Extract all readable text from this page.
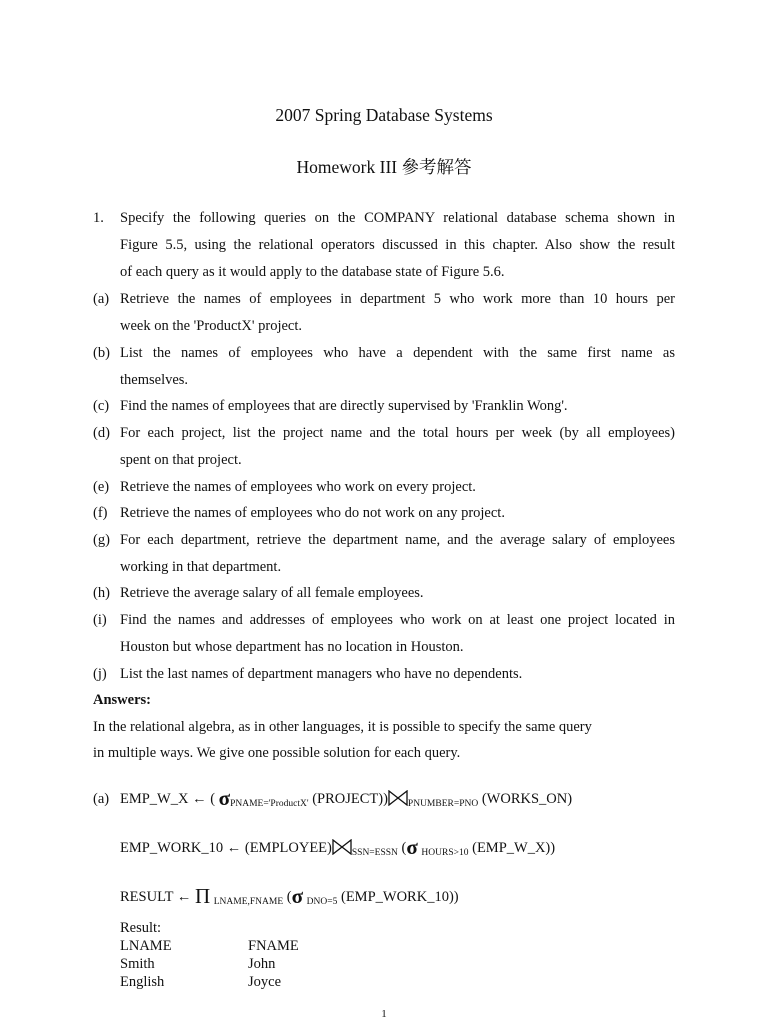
2007 Spring Database Systems
Homework III 參考解答
1. Specify the following queries on the COMPANY relational database schema shown in
Figure 5.5, using the relational operators discussed in this chapter. Also show the result
of each query as it would apply to the database state of Figure 5.6.
(a) Retrieve the names of employees in department 5 who work more than 10 hours per
week on the 'ProductX' project.
(b) List the names of employees who have a dependent with the same first name as
themselves.
(c) Find the names of employees that are directly supervised by 'Franklin Wong'.
(d) For each project, list the project name and the total hours per week (by all employees)
spent on that project.
(e) Retrieve the names of employees who work on every project.
(f) Retrieve the names of employees who do not work on any project.
(g) For each department, retrieve the department name, and the average salary of employees
working in that department.
(h) Retrieve the average salary of all female employees.
(i) Find the names and addresses of employees who work on at least one project located in
Houston but whose department has no location in Houston.
(j) List the last names of department managers who have no dependents.
Answers:
In the relational algebra, as in other languages, it is possible to specify the same query
in multiple ways. We give one possible solution for each query.
(a) EMP_W_X ← ( $\sigma_{PNAME='ProductX'}$ (PROJECT)) $_{PNUMBER=PNO}$ (WORKS_ON)
EMP_WORK_10 ← (EMPLOYEE) $_{SSN=ESSN}$ (σ $_{HOURS>10}$ (EMP_W_X))
RESULT ← Π $_{LNAME,FNAME}$ (σ $_{DNO=5}$ (EMP_WORK_10))
Result:
LNAME	FNAME
Smith	John
English	Joyce
1
